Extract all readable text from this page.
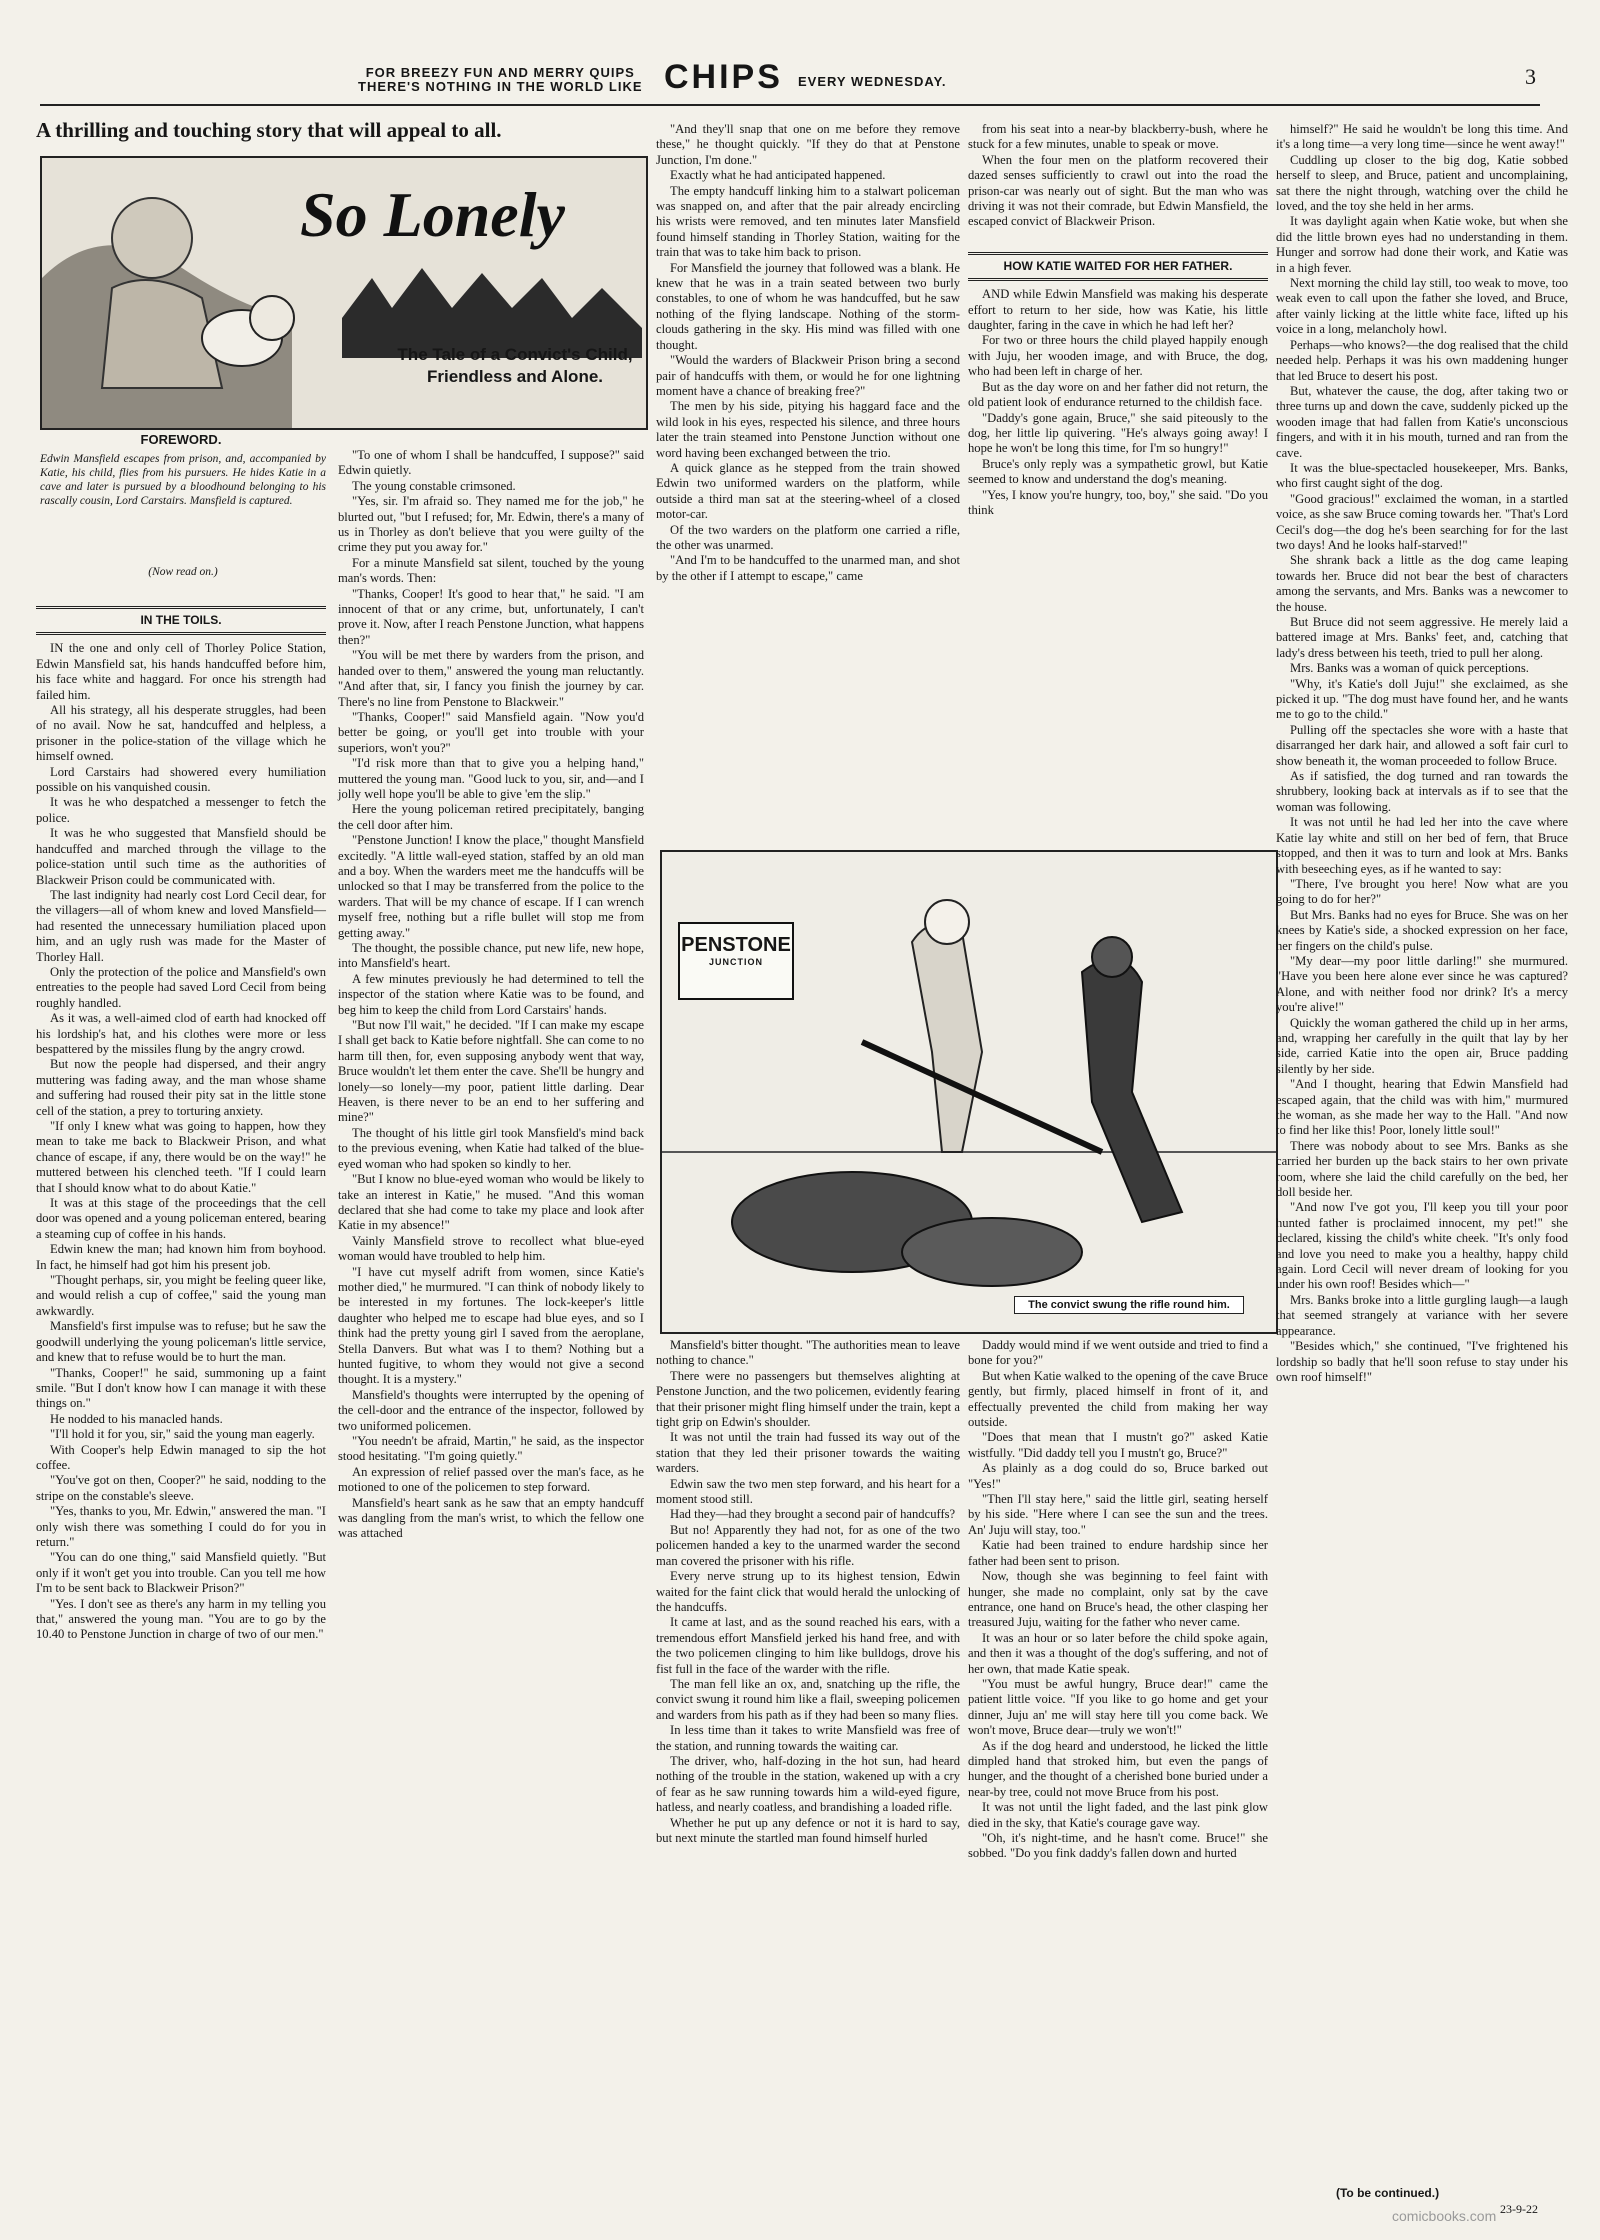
FOR BREEZY FUN AND MERRY QUIPS
THERE'S NOTHING IN THE WORLD LIKE CHIPS EVERY WEDNESDAY.	3
A thrilling and touching story that will appeal to all.
So Lonely
The Tale of a Convict's Child, Friendless and Alone.
FOREWORD.
Edwin Mansfield escapes from prison, and, accompanied by Katie, his child, flies from his pursuers. He hides Katie in a cave and later is pursued by a bloodhound belonging to his rascally cousin, Lord Carstairs. Mansfield is captured.
(Now read on.)
IN THE TOILS.

IN the one and only cell of Thorley Police Station, Edwin Mansfield sat, his hands handcuffed before him, his face white and haggard. For once his strength had failed him.

All his strategy, all his desperate struggles, had been of no avail. Now he sat, handcuffed and helpless, a prisoner in the police-station of the village which he himself owned.

Lord Carstairs had showered every humiliation possible on his vanquished cousin.

It was he who despatched a messenger to fetch the police.

It was he who suggested that Mansfield should be handcuffed and marched through the village to the police-station until such time as the authorities of Blackweir Prison could be communicated with.

The last indignity had nearly cost Lord Cecil dear, for the villagers—all of whom knew and loved Mansfield—had resented the unnecessary humiliation placed upon him, and an ugly rush was made for the Master of Thorley Hall.

Only the protection of the police and Mansfield's own entreaties to the people had saved Lord Cecil from being roughly handled.

As it was, a well-aimed clod of earth had knocked off his lordship's hat, and his clothes were more or less bespattered by the missiles flung by the angry crowd.

But now the people had dispersed, and their angry muttering was fading away, and the man whose shame and suffering had roused their pity sat in the little stone cell of the station, a prey to torturing anxiety.

"If only I knew what was going to happen, how they mean to take me back to Blackweir Prison, and what chance of escape, if any, there would be on the way!" he muttered between his clenched teeth. "If I could learn that I should know what to do about Katie."

It was at this stage of the proceedings that the cell door was opened and a young policeman entered, bearing a steaming cup of coffee in his hands.

Edwin knew the man; had known him from boyhood. In fact, he himself had got him his present job.

"Thought perhaps, sir, you might be feeling queer like, and would relish a cup of coffee," said the young man awkwardly.

Mansfield's first impulse was to refuse; but he saw the goodwill underlying the young policeman's little service, and knew that to refuse would be to hurt the man.

"Thanks, Cooper!" he said, summoning up a faint smile. "But I don't know how I can manage it with these things on."

He nodded to his manacled hands.

"I'll hold it for you, sir," said the young man eagerly.

With Cooper's help Edwin managed to sip the hot coffee.

"You've got on then, Cooper?" he said, nodding to the stripe on the constable's sleeve.

"Yes, thanks to you, Mr. Edwin," answered the man. "I only wish there was something I could do for you in return."

"You can do one thing," said Mansfield quietly. "But only if it won't get you into trouble. Can you tell me how I'm to be sent back to Blackweir Prison?"

"Yes. I don't see as there's any harm in my telling you that," answered the young man. "You are to go by the 10.40 to Penstone Junction in charge of two of our men."

"To one of whom I shall be handcuffed, I suppose?" said Edwin quietly.

The young constable crimsoned.

"Yes, sir. I'm afraid so. They named me for the job," he blurted out, "but I refused; for, Mr. Edwin, there's a many of us in Thorley as don't believe that you were guilty of the crime they put you away for."

For a minute Mansfield sat silent, touched by the young man's words. Then:

"Thanks, Cooper! It's good to hear that," he said. "I am innocent of that or any crime, but, unfortunately, I can't prove it. Now, after I reach Penstone Junction, what happens then?"

"You will be met there by warders from the prison, and handed over to them," answered the young man reluctantly. "And after that, sir, I fancy you finish the journey by car. There's no line from Penstone to Blackweir."

"Thanks, Cooper!" said Mansfield again. "Now you'd better be going, or you'll get into trouble with your superiors, won't you?"

"I'd risk more than that to give you a helping hand," muttered the young man. "Good luck to you, sir, and—and I jolly well hope you'll be able to give 'em the slip."

Here the young policeman retired precipitately, banging the cell door after him.

"Penstone Junction! I know the place," thought Mansfield excitedly. "A little wall-eyed station, staffed by an old man and a boy. When the warders meet me the handcuffs will be unlocked so that I may be transferred from the police to the warders. That will be my chance of escape. If I can wrench myself free, nothing but a rifle bullet will stop me from getting away."

The thought, the possible chance, put new life, new hope, into Mansfield's heart.

A few minutes previously he had determined to tell the inspector of the station where Katie was to be found, and beg him to keep the child from Lord Carstairs' hands.

"But now I'll wait," he decided. "If I can make my escape I shall get back to Katie before nightfall. She can come to no harm till then, for, even supposing anybody went that way, Bruce wouldn't let them enter the cave. She'll be hungry and lonely—so lonely—my poor, patient little darling. Dear Heaven, is there never to be an end to her suffering and mine?"

The thought of his little girl took Mansfield's mind back to the previous evening, when Katie had talked of the blue-eyed woman who had spoken so kindly to her.

"But I know no blue-eyed woman who would be likely to take an interest in Katie," he mused. "And this woman declared that she had come to take my place and look after Katie in my absence!"

Vainly Mansfield strove to recollect what blue-eyed woman would have troubled to help him.

"I have cut myself adrift from women, since Katie's mother died," he murmured. "I can think of nobody likely to be interested in my fortunes. The lock-keeper's little daughter who helped me to escape had blue eyes, and so I think had the pretty young girl I saved from the aeroplane, Stella Danvers. But what was I to them? Nothing but a hunted fugitive, to whom they would not give a second thought. It is a mystery."

Mansfield's thoughts were interrupted by the opening of the cell-door and the entrance of the inspector, followed by two uniformed policemen.

"You needn't be afraid, Martin," he said, as the inspector stood hesitating. "I'm going quietly."

An expression of relief passed over the man's face, as he motioned to one of the policemen to step forward.

Mansfield's heart sank as he saw that an empty handcuff was dangling from the man's wrist, to which the fellow one was attached

"And they'll snap that one on me before they remove these," he thought quickly. "If they do that at Penstone Junction, I'm done."

Exactly what he had anticipated happened.

The empty handcuff linking him to a stalwart policeman was snapped on, and after that the pair already encircling his wrists were removed, and ten minutes later Mansfield found himself standing in Thorley Station, waiting for the train that was to take him back to prison.

For Mansfield the journey that followed was a blank. He knew that he was in a train seated between two burly constables, to one of whom he was handcuffed, but he saw nothing of the flying landscape. Nothing of the storm-clouds gathering in the sky. His mind was filled with one thought.

"Would the warders of Blackweir Prison bring a second pair of handcuffs with them, or would he for one lightning moment have a chance of breaking free?"

The men by his side, pitying his haggard face and the wild look in his eyes, respected his silence, and three hours later the train steamed into Penstone Junction without one word having been exchanged between the trio.

A quick glance as he stepped from the train showed Edwin two uniformed warders on the platform, while outside a third man sat at the steering-wheel of a closed motor-car.

Of the two warders on the platform one carried a rifle, the other was unarmed.

"And I'm to be handcuffed to the unarmed man, and shot by the other if I attempt to escape," came

from his seat into a near-by blackberry-bush, where he stuck for a few minutes, unable to speak or move.

When the four men on the platform recovered their dazed senses sufficiently to crawl out into the road the prison-car was nearly out of sight. But the man who was driving it was not their comrade, but Edwin Mansfield, the escaped convict of Blackweir Prison.

HOW KATIE WAITED FOR HER FATHER.

AND while Edwin Mansfield was making his desperate effort to return to her side, how was Katie, his little daughter, faring in the cave in which he had left her?

For two or three hours the child played happily enough with Juju, her wooden image, and with Bruce, the dog, who had been left in charge of her.

But as the day wore on and her father did not return, the old patient look of endurance returned to the childish face.

"Daddy's gone again, Bruce," she said piteously to the dog, her little lip quivering. "He's always going away! I hope he won't be long this time, for I'm so hungry!"

Bruce's only reply was a sympathetic growl, but Katie seemed to know and understand the dog's meaning.

"Yes, I know you're hungry, too, boy," she said. "Do you think

PENSTONE
JUNCTION
The convict swung the rifle round him.

Mansfield's bitter thought. "The authorities mean to leave nothing to chance."

There were no passengers but themselves alighting at Penstone Junction, and the two policemen, evidently fearing that their prisoner might fling himself under the train, kept a tight grip on Edwin's shoulder.

It was not until the train had fussed its way out of the station that they led their prisoner towards the waiting warders.

Edwin saw the two men step forward, and his heart for a moment stood still.

Had they—had they brought a second pair of handcuffs?

But no! Apparently they had not, for as one of the two policemen handed a key to the unarmed warder the second man covered the prisoner with his rifle.

Every nerve strung up to its highest tension, Edwin waited for the faint click that would herald the unlocking of the handcuffs.

It came at last, and as the sound reached his ears, with a tremendous effort Mansfield jerked his hand free, and with the two policemen clinging to him like bulldogs, drove his fist full in the face of the warder with the rifle.

The man fell like an ox, and, snatching up the rifle, the convict swung it round him like a flail, sweeping policemen and warders from his path as if they had been so many flies.

In less time than it takes to write Mansfield was free of the station, and running towards the waiting car.

The driver, who, half-dozing in the hot sun, had heard nothing of the trouble in the station, wakened up with a cry of fear as he saw running towards him a wild-eyed figure, hatless, and nearly coatless, and brandishing a loaded rifle.

Whether he put up any defence or not it is hard to say, but next minute the startled man found himself hurled

Daddy would mind if we went outside and tried to find a bone for you?"

But when Katie walked to the opening of the cave Bruce gently, but firmly, placed himself in front of it, and effectually prevented the child from making her way outside.

"Does that mean that I mustn't go?" asked Katie wistfully. "Did daddy tell you I mustn't go, Bruce?"

As plainly as a dog could do so, Bruce barked out "Yes!"

"Then I'll stay here," said the little girl, seating herself by his side. "Here where I can see the sun and the trees. An' Juju will stay, too."

Katie had been trained to endure hardship since her father had been sent to prison.

Now, though she was beginning to feel faint with hunger, she made no complaint, only sat by the cave entrance, one hand on Bruce's head, the other clasping her treasured Juju, waiting for the father who never came.

It was an hour or so later before the child spoke again, and then it was a thought of the dog's suffering, and not of her own, that made Katie speak.

"You must be awful hungry, Bruce dear!" came the patient little voice. "If you like to go home and get your dinner, Juju an' me will stay here till you come back. We won't move, Bruce dear—truly we won't!"

As if the dog heard and understood, he licked the little dimpled hand that stroked him, but even the pangs of hunger, and the thought of a cherished bone buried under a near-by tree, could not move Bruce from his post.

It was not until the light faded, and the last pink glow died in the sky, that Katie's courage gave way.

"Oh, it's night-time, and he hasn't come. Bruce!" she sobbed. "Do you fink daddy's fallen down and hurted

himself?" He said he wouldn't be long this time. And it's a long time—a very long time—since he went away!"

Cuddling up closer to the big dog, Katie sobbed herself to sleep, and Bruce, patient and uncomplaining, sat there the night through, watching over the child he loved, and the toy she held in her arms.

It was daylight again when Katie woke, but when she did the little brown eyes had no understanding in them. Hunger and sorrow had done their work, and Katie was in a high fever.

Next morning the child lay still, too weak to move, too weak even to call upon the father she loved, and Bruce, after vainly licking at the little white face, lifted up his voice in a long, melancholy howl.

Perhaps—who knows?—the dog realised that the child needed help. Perhaps it was his own maddening hunger that led Bruce to desert his post.

But, whatever the cause, the dog, after taking two or three turns up and down the cave, suddenly picked up the wooden image that had fallen from Katie's unconscious fingers, and with it in his mouth, turned and ran from the cave.

It was the blue-spectacled housekeeper, Mrs. Banks, who first caught sight of the dog.

"Good gracious!" exclaimed the woman, in a startled voice, as she saw Bruce coming towards her. "That's Lord Cecil's dog—the dog he's been searching for for the last two days! And he looks half-starved!"

She shrank back a little as the dog came leaping towards her. Bruce did not bear the best of characters among the servants, and Mrs. Banks was a newcomer to the house.

But Bruce did not seem aggressive. He merely laid a battered image at Mrs. Banks' feet, and, catching that lady's dress between his teeth, tried to pull her along.

Mrs. Banks was a woman of quick perceptions.

"Why, it's Katie's doll Juju!" she exclaimed, as she picked it up. "The dog must have found her, and he wants me to go to the child."

Pulling off the spectacles she wore with a haste that disarranged her dark hair, and allowed a soft fair curl to show beneath it, the woman proceeded to follow Bruce.

As if satisfied, the dog turned and ran towards the shrubbery, looking back at intervals as if to see that the woman was following.

It was not until he had led her into the cave where Katie lay white and still on her bed of fern, that Bruce stopped, and then it was to turn and look at Mrs. Banks with beseeching eyes, as if he wanted to say:

"There, I've brought you here! Now what are you going to do for her?"

But Mrs. Banks had no eyes for Bruce. She was on her knees by Katie's side, a shocked expression on her face, her fingers on the child's pulse.

"My dear—my poor little darling!" she murmured. "Have you been here alone ever since he was captured? Alone, and with neither food nor drink? It's a mercy you're alive!"

Quickly the woman gathered the child up in her arms, and, wrapping her carefully in the quilt that lay by her side, carried Katie into the open air, Bruce padding silently by her side.

"And I thought, hearing that Edwin Mansfield had escaped again, that the child was with him," murmured the woman, as she made her way to the Hall. "And now to find her like this! Poor, lonely little soul!"

There was nobody about to see Mrs. Banks as she carried her burden up the back stairs to her own private room, where she laid the child carefully on the bed, her doll beside her.

"And now I've got you, I'll keep you till your poor hunted father is proclaimed innocent, my pet!" she declared, kissing the child's white cheek. "It's only food and love you need to make you a healthy, happy child again. Lord Cecil will never dream of looking for you under his own roof! Besides which—"

Mrs. Banks broke into a little gurgling laugh—a laugh that seemed strangely at variance with her severe appearance.

"Besides which," she continued, "I've frightened his lordship so badly that he'll soon refuse to stay under his own roof himself!"

(To be continued.)
23-9-22
comicbooks.com
